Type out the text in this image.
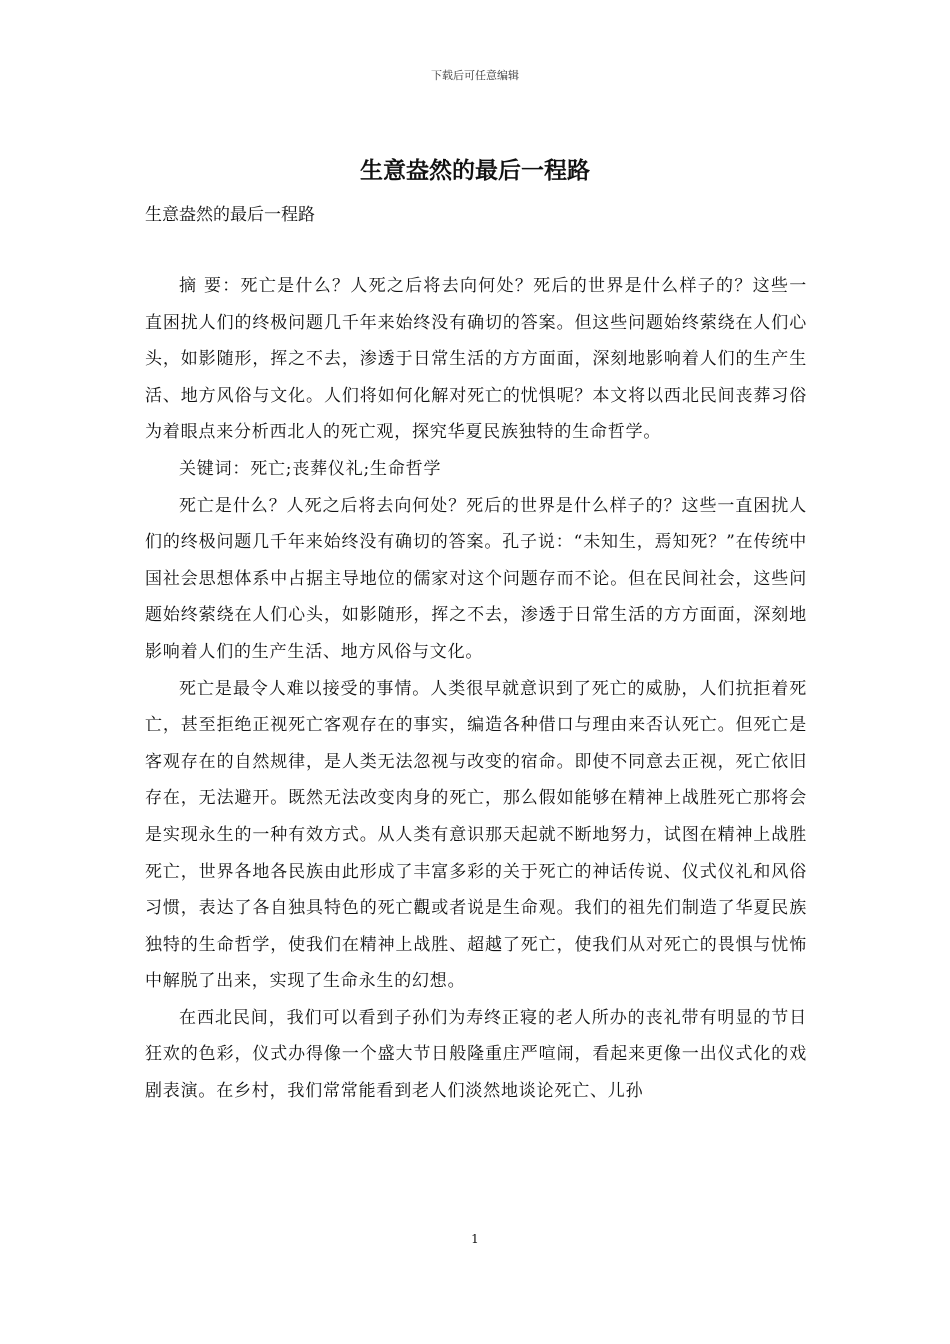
下载后可任意编辑
生意盎然的最后一程路

生意盎然的最后一程路

摘 要：死亡是什么？人死之后将去向何处？死后的世界是什么样子的？这些一直困扰人们的终极问题几千年来始终没有确切的答案。但这些问题始终萦绕在人们心头，如影随形，挥之不去，渗透于日常生活的方方面面，深刻地影响着人们的生产生活、地方风俗与文化。人们将如何化解对死亡的忧惧呢？本文将以西北民间丧葬习俗为着眼点来分析西北人的死亡观，探究华夏民族独特的生命哲学。

关键词：死亡;丧葬仪礼;生命哲学

死亡是什么？人死之后将去向何处？死后的世界是什么样子的？这些一直困扰人们的终极问题几千年来始终没有确切的答案。孔子说：“未知生，焉知死？”在传统中国社会思想体系中占据主导地位的儒家对这个问题存而不论。但在民间社会，这些问题始终萦绕在人们心头，如影随形，挥之不去，渗透于日常生活的方方面面，深刻地影响着人们的生产生活、地方风俗与文化。

死亡是最令人难以接受的事情。人类很早就意识到了死亡的威胁，人们抗拒着死亡，甚至拒绝正视死亡客观存在的事实，编造各种借口与理由来否认死亡。但死亡是客观存在的自然规律，是人类无法忽视与改变的宿命。即使不同意去正视，死亡依旧存在，无法避开。既然无法改变肉身的死亡，那么假如能够在精神上战胜死亡那将会是实现永生的一种有效方式。从人类有意识那天起就不断地努力，试图在精神上战胜死亡，世界各地各民族由此形成了丰富多彩的关于死亡的神话传说、仪式仪礼和风俗习惯，表达了各自独具特色的死亡觀或者说是生命观。我们的祖先们制造了华夏民族独特的生命哲学，使我们在精神上战胜、超越了死亡，使我们从对死亡的畏惧与忧怖中解脱了出来，实现了生命永生的幻想。

在西北民间，我们可以看到子孙们为寿终正寝的老人所办的丧礼带有明显的节日狂欢的色彩，仪式办得像一个盛大节日般隆重庄严喧闹，看起来更像一出仪式化的戏剧表演。在乡村，我们常常能看到老人们淡然地谈论死亡、儿孙

1
